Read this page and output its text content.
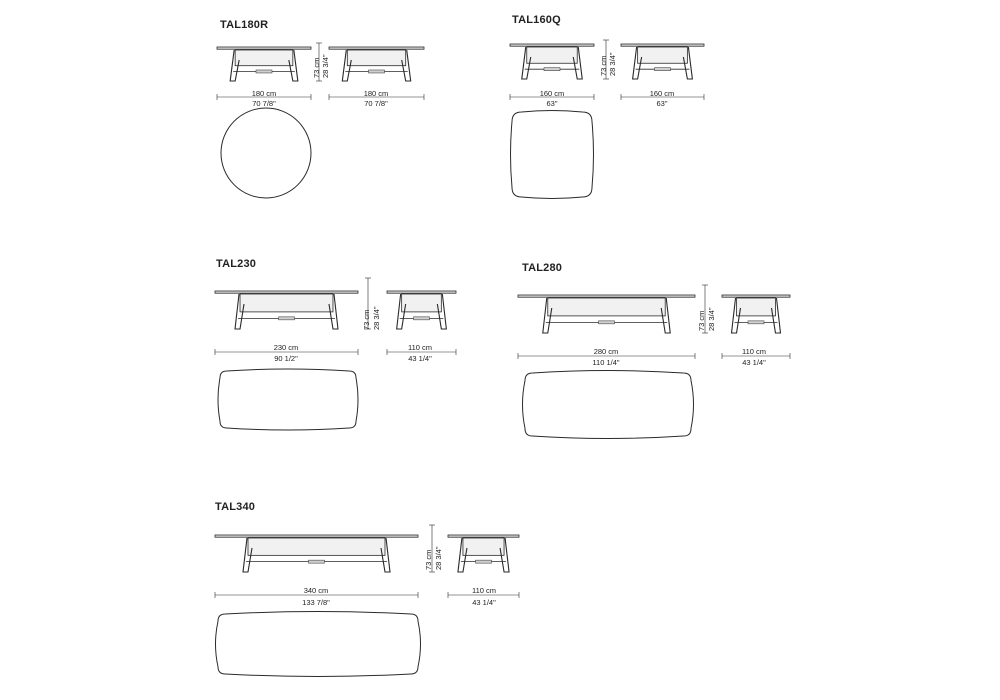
TAL180R	TAL160Q
TAL230	TAL280
TAL340
180 cm
70 7/8"
180 cm
70 7/8"
73 cm 28 3/4"
160 cm
63"
160 cm
63"
73 cm 28 3/4"
230 cm
90 1/2"
110 cm
43 1/4"
73 cm 28 3/4"
280 cm
110 1/4"
110 cm
43 1/4"
73 cm 28 3/4"
340 cm
133 7/8"
110 cm
43 1/4"
73 cm 28 3/4"
